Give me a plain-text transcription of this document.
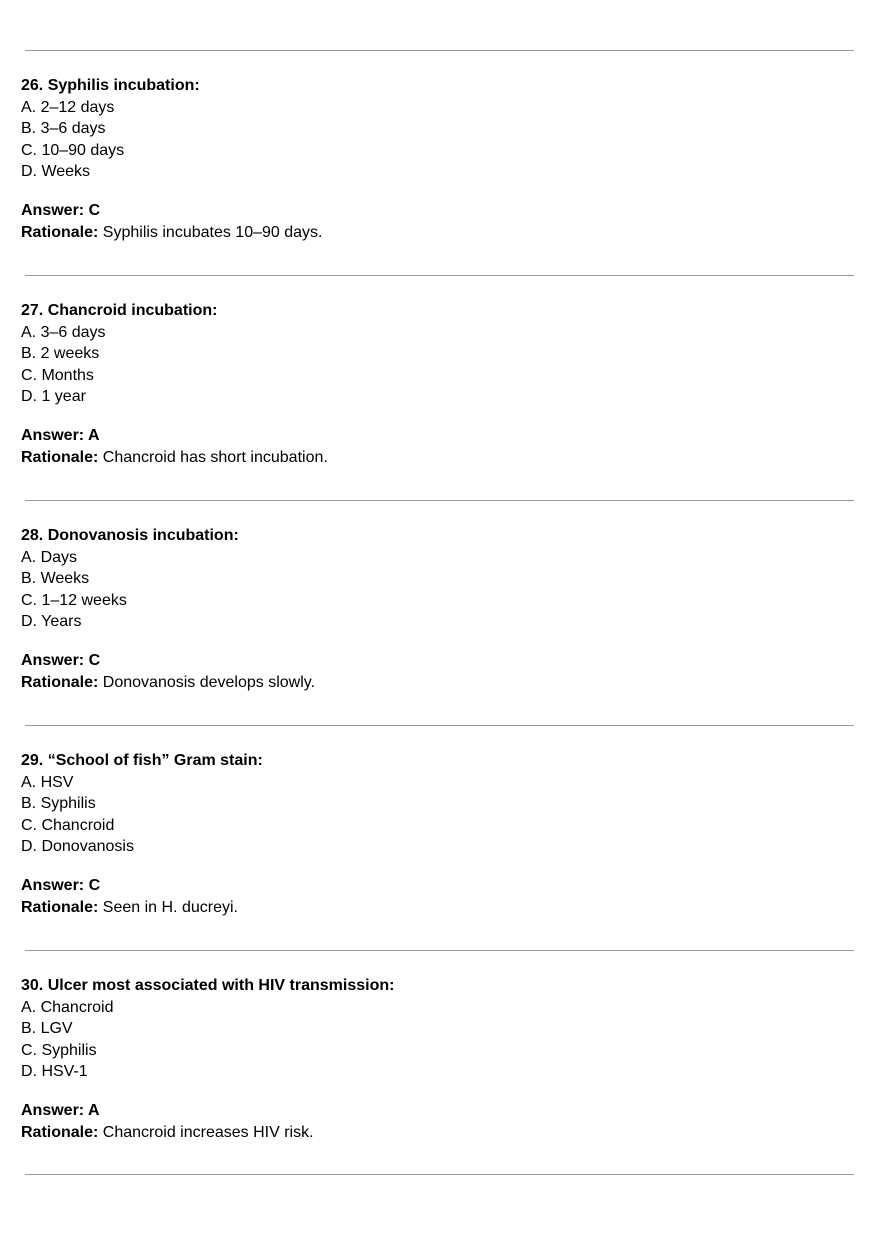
26. Syphilis incubation:
A. 2–12 days
B. 3–6 days
C. 10–90 days
D. Weeks
Answer: C
Rationale: Syphilis incubates 10–90 days.
27. Chancroid incubation:
A. 3–6 days
B. 2 weeks
C. Months
D. 1 year
Answer: A
Rationale: Chancroid has short incubation.
28. Donovanosis incubation:
A. Days
B. Weeks
C. 1–12 weeks
D. Years
Answer: C
Rationale: Donovanosis develops slowly.
29. “School of fish” Gram stain:
A. HSV
B. Syphilis
C. Chancroid
D. Donovanosis
Answer: C
Rationale: Seen in H. ducreyi.
30. Ulcer most associated with HIV transmission:
A. Chancroid
B. LGV
C. Syphilis
D. HSV-1
Answer: A
Rationale: Chancroid increases HIV risk.
